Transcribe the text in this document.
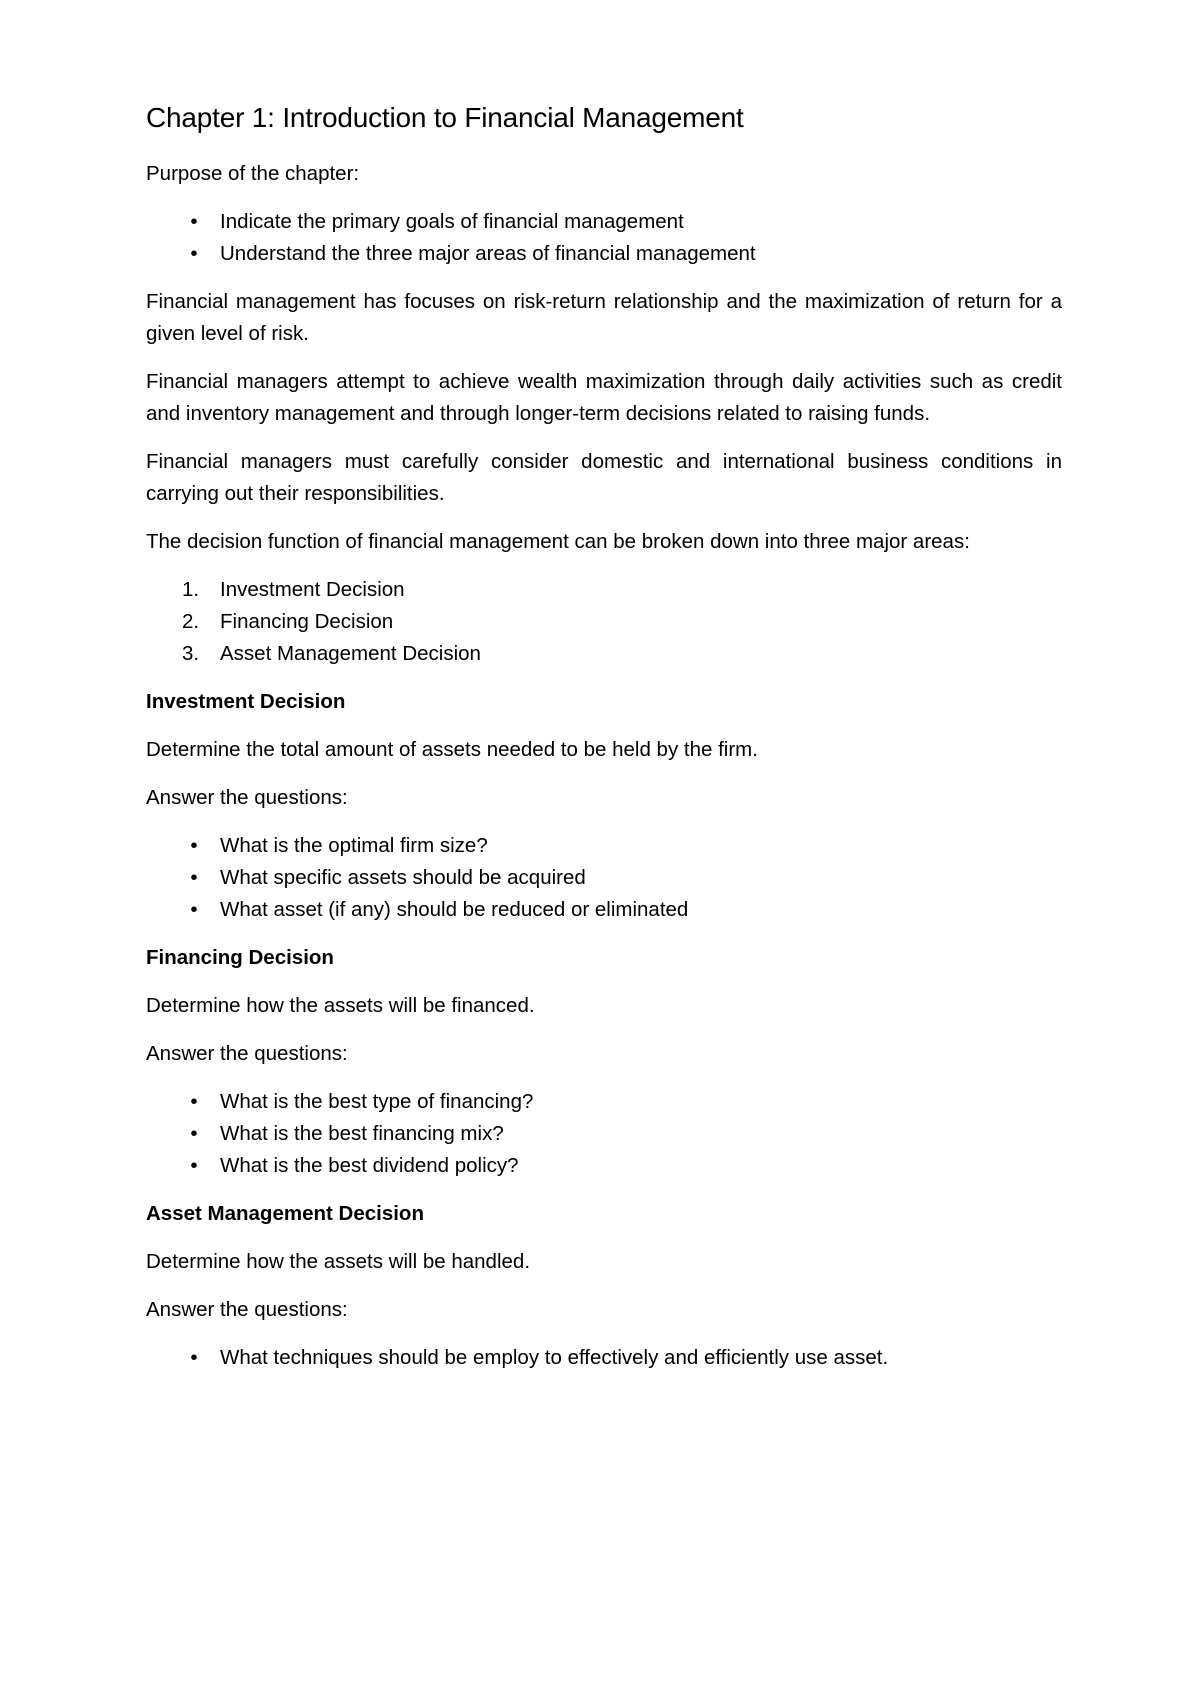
Chapter 1: Introduction to Financial Management

Purpose of the chapter:

•	Indicate the primary goals of financial management
•	Understand the three major areas of financial management

Financial management has focuses on risk-return relationship and the maximization of return for a given level of risk.

Financial managers attempt to achieve wealth maximization through daily activities such as credit and inventory management and through longer-term decisions related to raising funds.

Financial managers must carefully consider domestic and international business conditions in carrying out their responsibilities.

The decision function of financial management can be broken down into three major areas:

1.	Investment Decision
2.	Financing Decision
3.	Asset Management Decision
Investment Decision

Determine the total amount of assets needed to be held by the firm.

Answer the questions:

•	What is the optimal firm size?
•	What specific assets should be acquired
•	What asset (if any) should be reduced or eliminated
Financing Decision

Determine how the assets will be financed.

Answer the questions:

•	What is the best type of financing?
•	What is the best financing mix?
•	What is the best dividend policy?
Asset Management Decision

Determine how the assets will be handled.

Answer the questions:

•	What techniques should be employ to effectively and efficiently use asset.
